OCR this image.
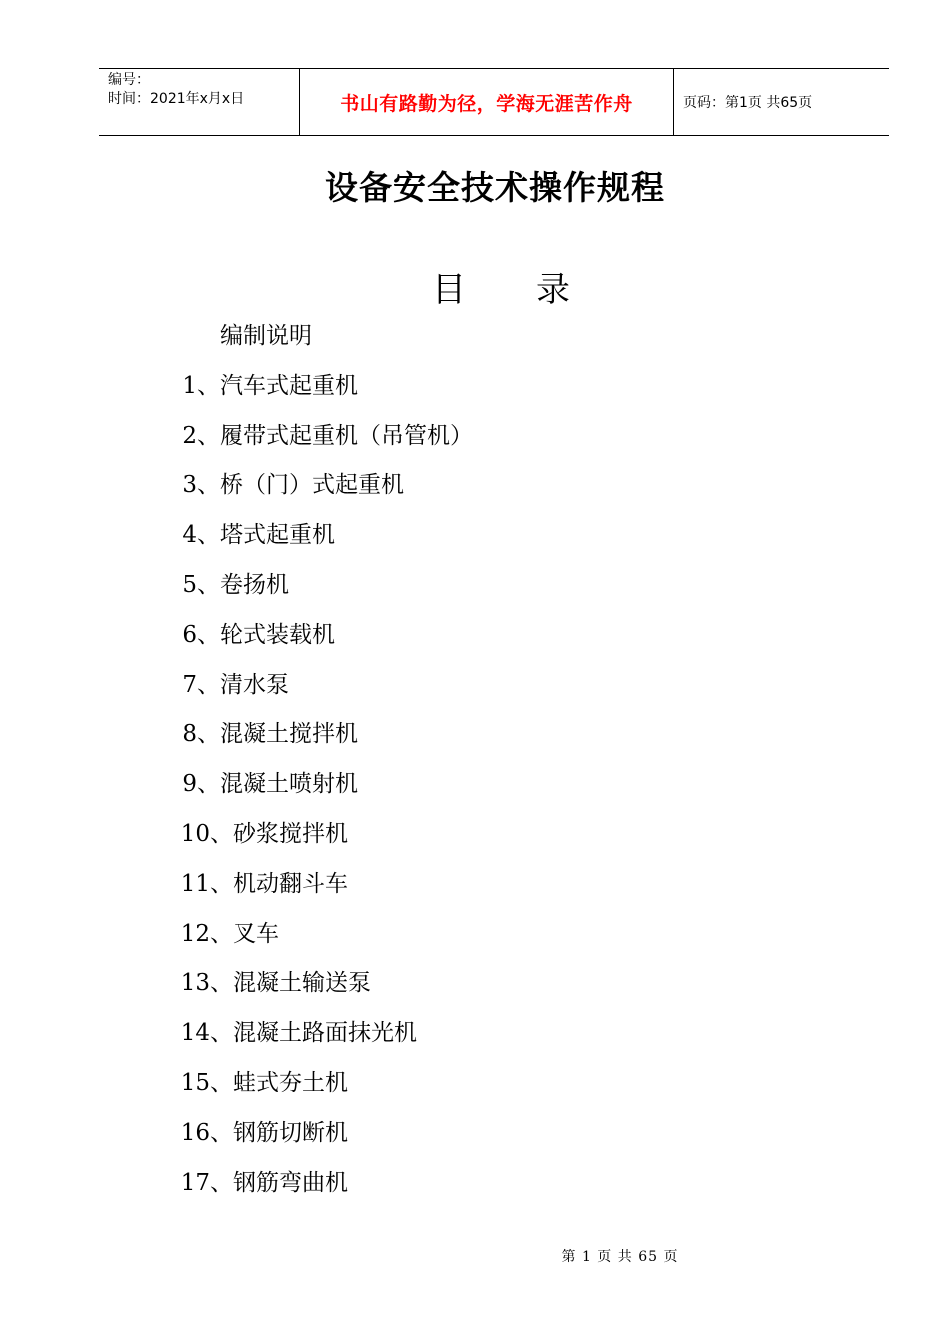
编号：
时间：2021年x月x日	书山有路勤为径，学海无涯苦作舟	页码：第1页 共65页
设备安全技术操作规程
目 录
编制说明
1、 汽车式起重机
2、 履带式起重机（吊管机）
3、 桥（门）式起重机
4、 塔式起重机
5、 卷扬机
6、 轮式装载机
7、 清水泵
8、 混凝土搅拌机
9、 混凝土喷射机
10、 砂浆搅拌机
11、 机动翻斗车
12、 叉车
13、 混凝土输送泵
14、 混凝土路面抹光机
15、 蛙式夯土机
16、 钢筋切断机
17、 钢筋弯曲机
第 1 页 共 65 页
